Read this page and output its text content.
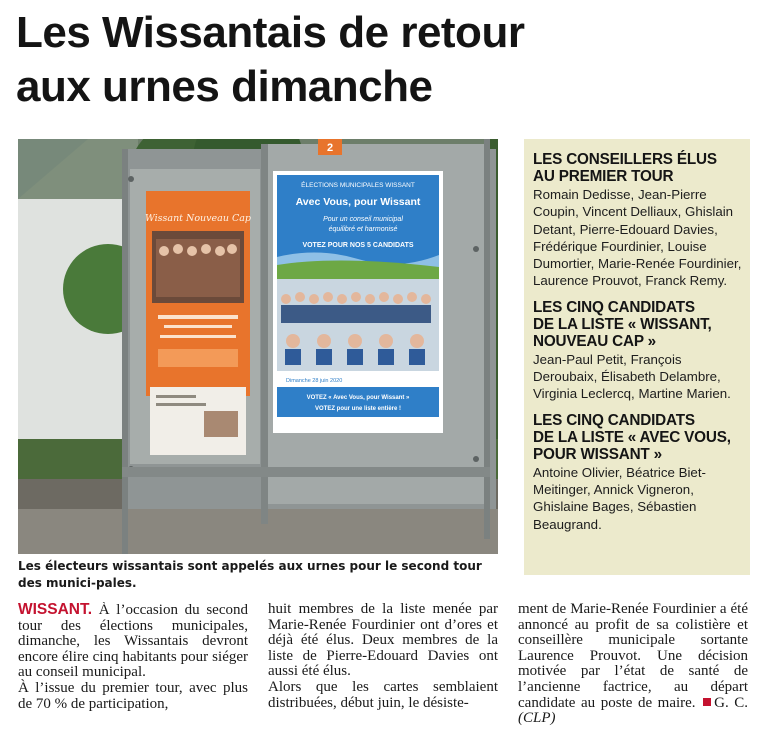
Les Wissantais de retour
aux urnes dimanche
2
Wissant Nouveau Cap
ÉLECTIONS MUNICIPALES WISSANT
Avec Vous, pour Wissant
Pour un conseil municipal
équilibré et harmonisé
VOTEZ POUR NOS 5 CANDIDATS
Dimanche 28 juin 2020
VOTEZ « Avec Vous, pour Wissant »
VOTEZ pour une liste entière !
Les électeurs wissantais sont appelés aux urnes pour le second tour des munici-pales.
LES CONSEILLERS ÉLUS
AU PREMIER TOUR
Romain Dedisse, Jean-Pierre Coupin, Vincent Delliaux, Ghislain Detant, Pierre-Edouard Davies, Frédérique Fourdinier, Louise Dumortier, Marie-Renée Fourdinier, Laurence Prouvot, Franck Remy.
LES CINQ CANDIDATS
DE LA LISTE « WISSANT,
NOUVEAU CAP »
Jean-Paul Petit, François Deroubaix, Élisabeth Delambre, Virginia Leclercq, Martine Marien.
LES CINQ CANDIDATS
DE LA LISTE « AVEC VOUS,
POUR WISSANT »
Antoine Olivier, Béatrice Biet-Meitinger, Annick Vigneron, Ghislaine Bages, Sébastien Beaugrand.

WISSANT. À l’occasion du second tour des élections municipales, dimanche, les Wissantais devront encore élire cinq habitants pour siéger au conseil municipal.

À l’issue du premier tour, avec plus de 70 % de participation,

huit membres de la liste menée par Marie-Renée Fourdinier ont d’ores et déjà été élus. Deux membres de la liste de Pierre-Edouard Davies ont aussi été élus.

Alors que les cartes semblaient distribuées, début juin, le désiste-

ment de Marie-Renée Fourdinier a été annoncé au profit de sa colistière et conseillère municipale sortante Laurence Prouvot. Une décision motivée par l’état de santé de l’ancienne factrice, au départ candidate au poste de maire. G. C. (CLP)
